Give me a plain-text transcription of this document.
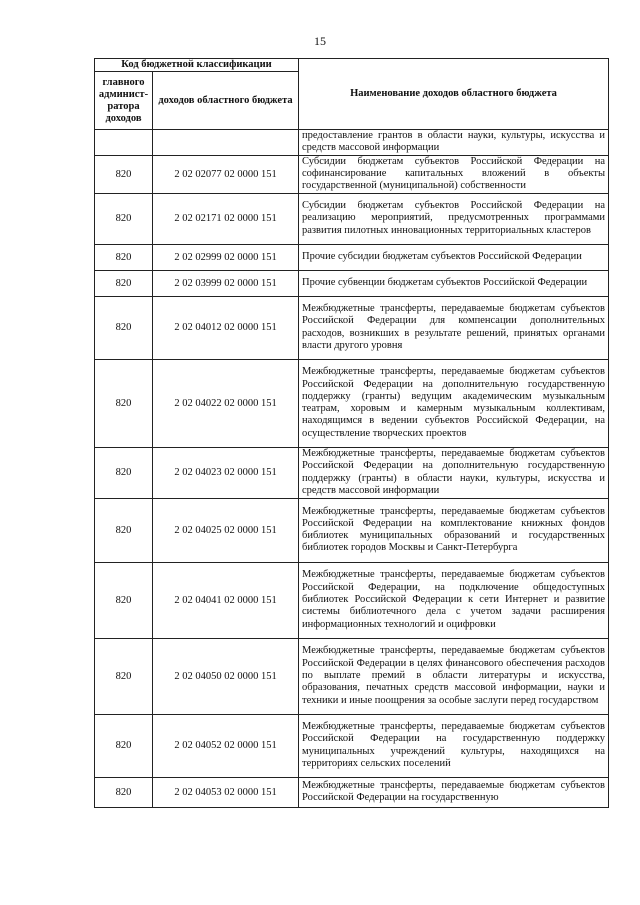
15
Код бюджетной классификации		Наименование доходов областного бюджета
главного админист-ратора доходов	доходов областного бюджета	
		предоставление грантов в области науки, культуры, искусства и средств массовой информации
820	2 02 02077 02 0000 151	Субсидии бюджетам субъектов Российской Федерации на софинансирование капитальных вложений в объекты государственной (муниципальной) собственности
820	2 02 02171 02 0000 151	Субсидии бюджетам субъектов Российской Федерации на реализацию мероприятий, предусмотренных программами развития пилотных инновационных территориальных кластеров
820	2 02 02999 02 0000 151	Прочие субсидии бюджетам субъектов Российской Федерации
820	2 02 03999 02 0000 151	Прочие субвенции бюджетам субъектов Российской Федерации
820	2 02 04012 02 0000 151	Межбюджетные трансферты, передаваемые бюджетам субъектов Российской Федерации для компенсации дополнительных расходов, возникших в результате решений, принятых органами власти другого уровня
820	2 02 04022 02 0000 151	Межбюджетные трансферты, передаваемые бюджетам субъектов Российской Федерации на дополнительную государственную поддержку (гранты) ведущим академическим музыкальным театрам, хоровым и камерным музыкальным коллективам, находящимся в ведении субъектов Российской Федерации, на осуществление творческих проектов
820	2 02 04023 02 0000 151	Межбюджетные трансферты, передаваемые бюджетам субъектов Российской Федерации на дополнительную государственную поддержку (гранты) в области науки, культуры, искусства и средств массовой информации
820	2 02 04025 02 0000 151	Межбюджетные трансферты, передаваемые бюджетам субъектов Российской Федерации на комплектование книжных фондов библиотек муниципальных образований и государственных библиотек городов Москвы и Санкт-Петербурга
820	2 02 04041 02 0000 151	Межбюджетные трансферты, передаваемые бюджетам субъектов Российской Федерации, на подключение общедоступных библиотек Российской Федерации к сети Интернет и развитие системы библиотечного дела с учетом задачи расширения информационных технологий и оцифровки
820	2 02 04050 02 0000 151	Межбюджетные трансферты, передаваемые бюджетам субъектов Российской Федерации в целях финансового обеспечения расходов по выплате премий в области литературы и искусства, образования, печатных средств массовой информации, науки и техники и иные поощрения за особые заслуги перед государством
820	2 02 04052 02 0000 151	Межбюджетные трансферты, передаваемые бюджетам субъектов Российской Федерации на государственную поддержку муниципальных учреждений культуры, находящихся на территориях сельских поселений
820	2 02 04053 02 0000 151	Межбюджетные трансферты, передаваемые бюджетам субъектов Российской Федерации на государственную
